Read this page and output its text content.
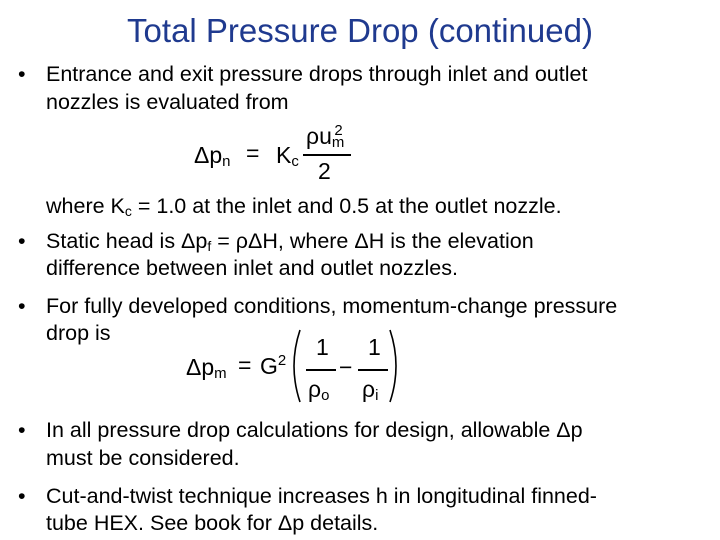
Total Pressure Drop (continued)
• Entrance and exit pressure drops through inlet and outlet
nozzles is evaluated from
$\Delta p_n = K_c$
$\rho u_m^2$
2
where $K_c = 1.0$ at the inlet and 0.5 at the outlet nozzle.
• Static head is $\Delta p_f = \rho\Delta H$, where ΔH is the elevation
difference between inlet and outlet nozzles.
• For fully developed conditions, momentum-change pressure
drop is
$\Delta p_m = G^2$
1
$\rho_o$
−
1
$\rho_i$
• In all pressure drop calculations for design, allowable Δp
must be considered.
• Cut-and-twist technique increases h in longitudinal finned-
tube HEX. See book for Δp details.
